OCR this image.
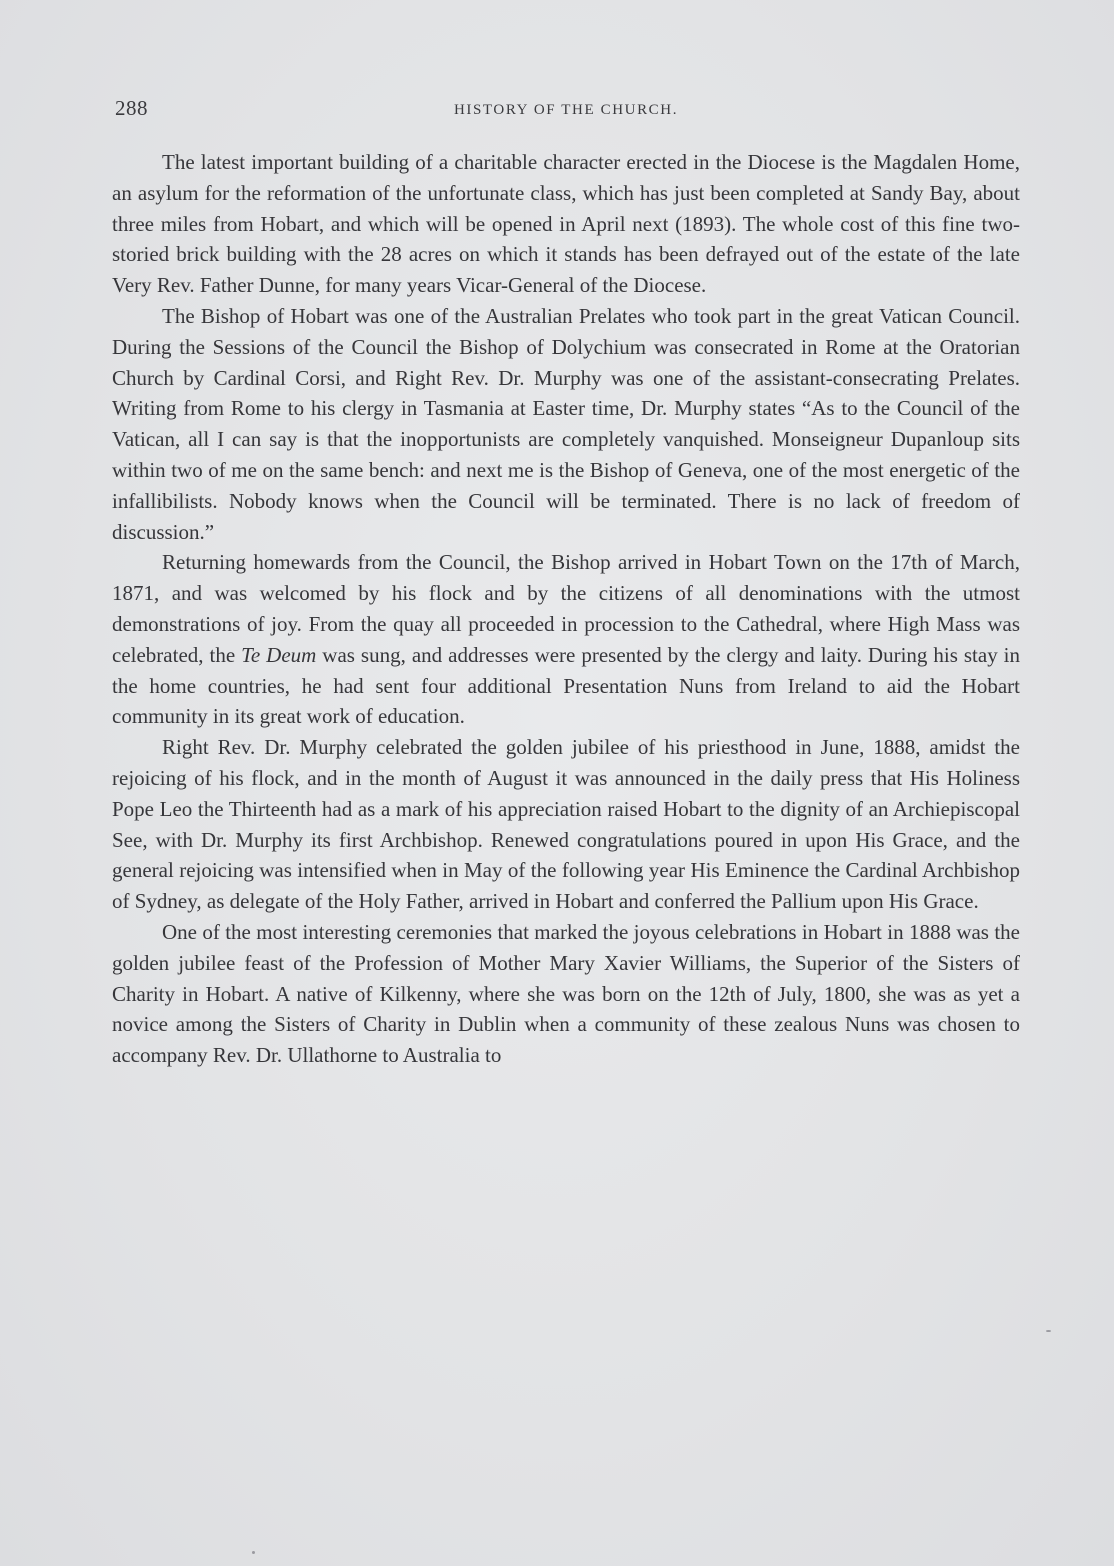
288	HISTORY OF THE CHURCH.

The latest important building of a charitable character erected in the Diocese is the Magdalen Home, an asylum for the reformation of the unfortunate class, which has just been completed at Sandy Bay, about three miles from Hobart, and which will be opened in April next (1893). The whole cost of this fine two-storied brick building with the 28 acres on which it stands has been defrayed out of the estate of the late Very Rev. Father Dunne, for many years Vicar-General of the Diocese.

The Bishop of Hobart was one of the Australian Prelates who took part in the great Vatican Council. During the Sessions of the Council the Bishop of Dolychium was consecrated in Rome at the Oratorian Church by Cardinal Corsi, and Right Rev. Dr. Murphy was one of the assistant-consecrating Prelates. Writing from Rome to his clergy in Tasmania at Easter time, Dr. Murphy states “As to the Council of the Vatican, all I can say is that the inopportunists are completely vanquished. Monseigneur Dupanloup sits within two of me on the same bench: and next me is the Bishop of Geneva, one of the most energetic of the infallibilists. Nobody knows when the Council will be terminated. There is no lack of freedom of discussion.”

Returning homewards from the Council, the Bishop arrived in Hobart Town on the 17th of March, 1871, and was welcomed by his flock and by the citizens of all denominations with the utmost demonstrations of joy. From the quay all proceeded in procession to the Cathedral, where High Mass was celebrated, the Te Deum was sung, and addresses were presented by the clergy and laity. During his stay in the home countries, he had sent four additional Presentation Nuns from Ireland to aid the Hobart community in its great work of education.

Right Rev. Dr. Murphy celebrated the golden jubilee of his priesthood in June, 1888, amidst the rejoicing of his flock, and in the month of August it was announced in the daily press that His Holiness Pope Leo the Thirteenth had as a mark of his appreciation raised Hobart to the dignity of an Archiepiscopal See, with Dr. Murphy its first Archbishop. Renewed congratulations poured in upon His Grace, and the general rejoicing was intensified when in May of the following year His Eminence the Cardinal Archbishop of Sydney, as delegate of the Holy Father, arrived in Hobart and conferred the Pallium upon His Grace.

One of the most interesting ceremonies that marked the joyous celebrations in Hobart in 1888 was the golden jubilee feast of the Profession of Mother Mary Xavier Williams, the Superior of the Sisters of Charity in Hobart. A native of Kilkenny, where she was born on the 12th of July, 1800, she was as yet a novice among the Sisters of Charity in Dublin when a community of these zealous Nuns was chosen to accompany Rev. Dr. Ullathorne to Australia to
